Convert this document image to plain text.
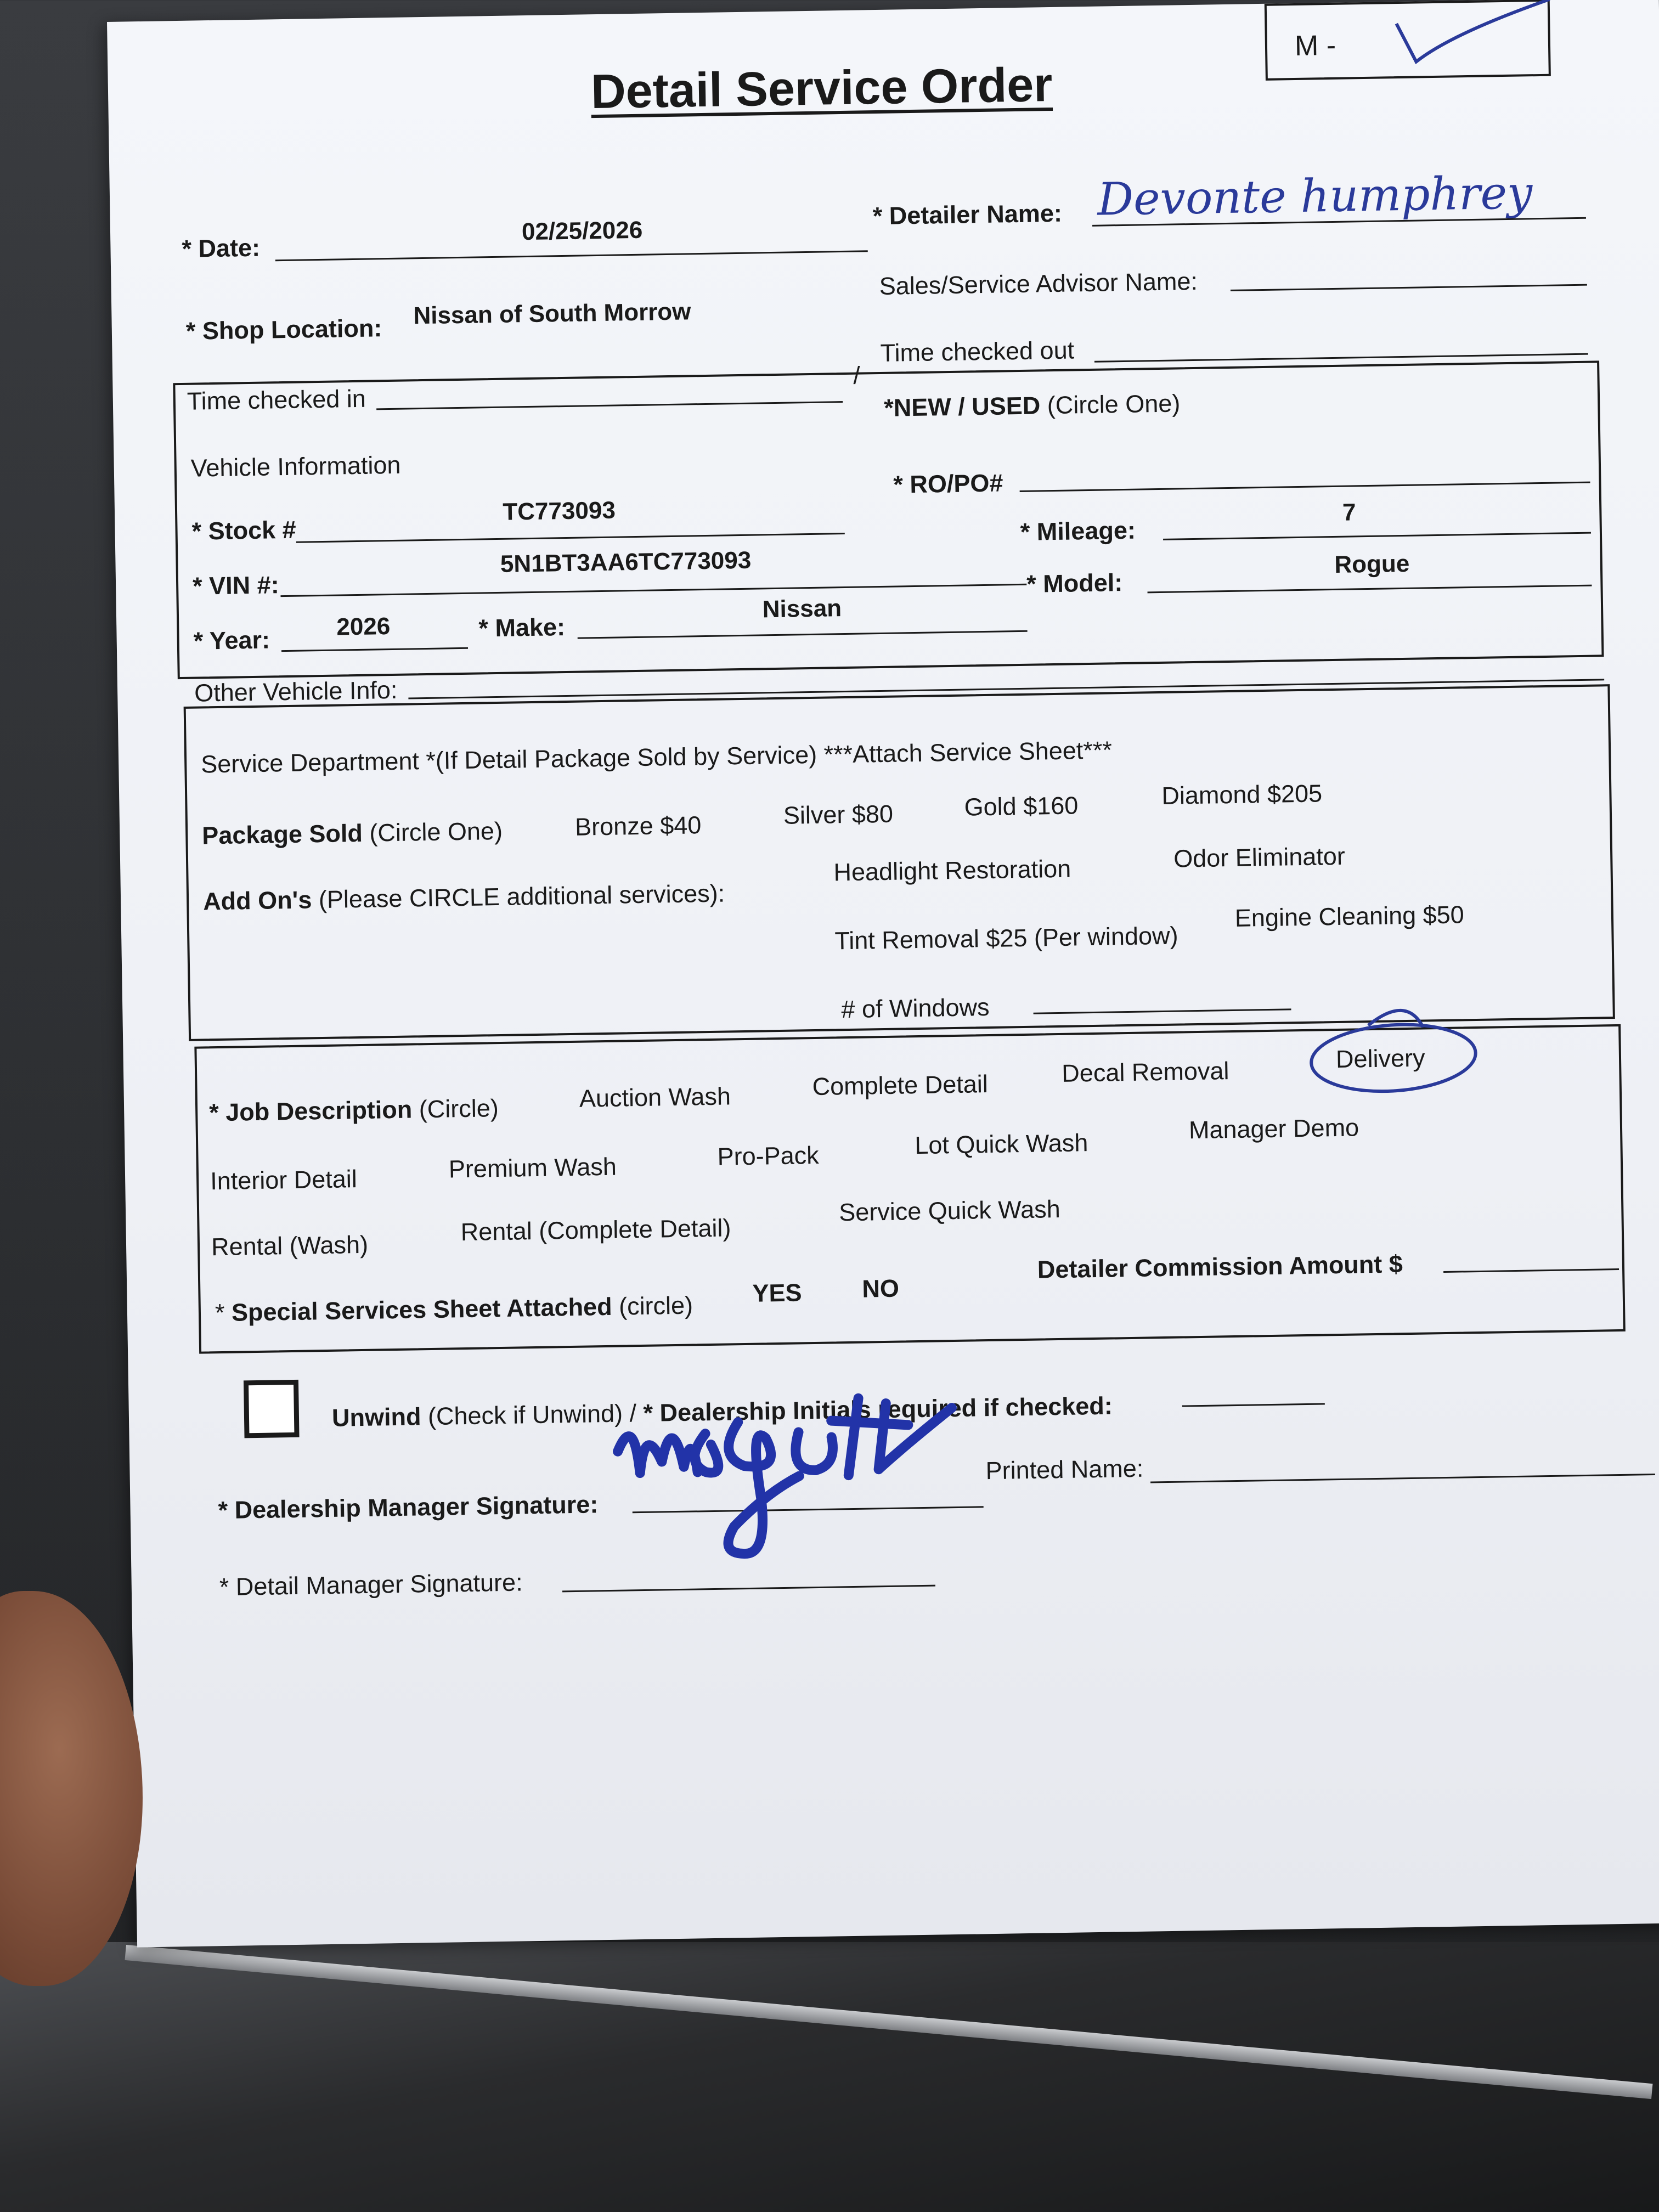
Detail Service Order
M -
* Date:
02/25/2026
* Detailer Name: Devonte humphrey
* Shop Location:
Nissan of South Morrow
Sales/Service Advisor Name:
Time checked in
/
Time checked out
*NEW / USED (Circle One)
Vehicle Information
* Stock #
TC773093
* RO/PO#
* VIN #:
5N1BT3AA6TC773093
* Mileage:
7
* Year:	2026	* Make:
Nissan
* Model:
Rogue
Other Vehicle Info:
Service Department *(If Detail Package Sold by Service) ***Attach Service Sheet***
Package Sold (Circle One)	Bronze $40	Silver $80	Gold $160	Diamond $205
Add On's (Please CIRCLE additional services):
Headlight Restoration	Odor Eliminator
Tint Removal $25 (Per window)
Engine Cleaning $50
# of Windows
* Job Description (Circle)	Auction Wash	Complete Detail	Decal Removal	Delivery
Interior Detail	Premium Wash	Pro-Pack	Lot Quick Wash	Manager Demo
Rental (Wash)	Rental (Complete Detail)
Service Quick Wash
* Special Services Sheet Attached (circle) YES NO
Detailer Commission Amount $
Unwind (Check if Unwind) / * Dealership Initials required if checked:
* Dealership Manager Signature:
Printed Name:
* Detail Manager Signature:
